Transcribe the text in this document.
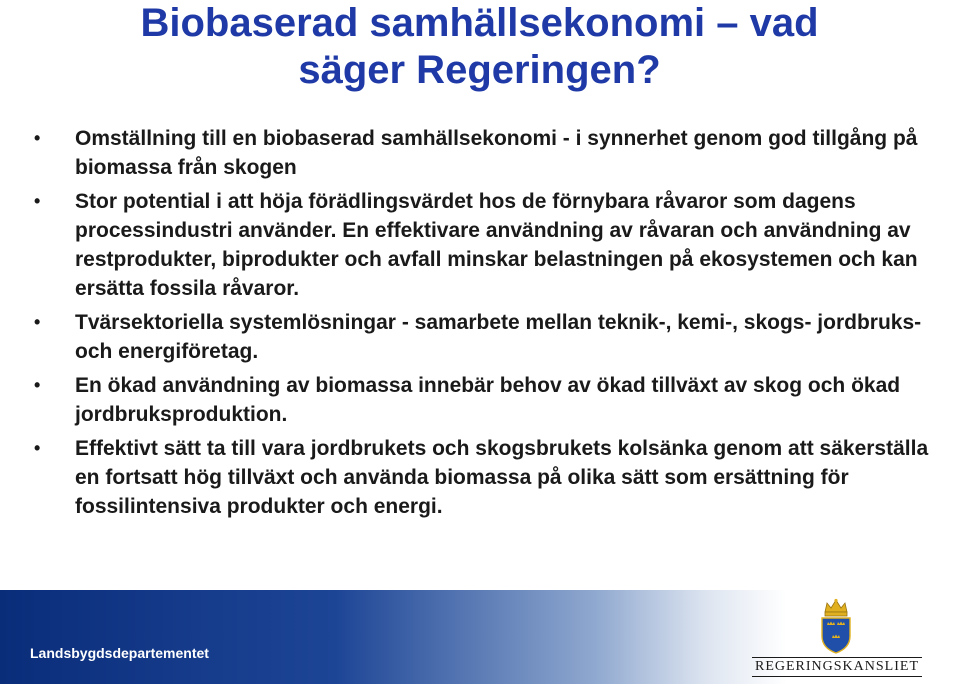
Biobaserad samhällsekonomi – vad
säger Regeringen?
• Omställning till en biobaserad samhällsekonomi - i synnerhet genom god tillgång på biomassa från skogen
• Stor potential i att höja förädlingsvärdet hos de förnybara råvaror som dagens processindustri använder. En effektivare användning av råvaran och användning av restprodukter, biprodukter och avfall minskar belastningen på ekosystemen och kan ersätta fossila råvaror.
• Tvärsektoriella systemlösningar - samarbete mellan teknik-, kemi-, skogs- jordbruks- och energiföretag.
• En ökad användning av biomassa innebär behov av ökad tillväxt av skog och ökad jordbruksproduktion.
• Effektivt sätt ta till vara jordbrukets och skogsbrukets kolsänka genom att säkerställa en fortsatt hög tillväxt och använda biomassa på olika sätt som ersättning för fossilintensiva produkter och energi.
Landsbygdsdepartementet
REGERINGSKANSLIET
